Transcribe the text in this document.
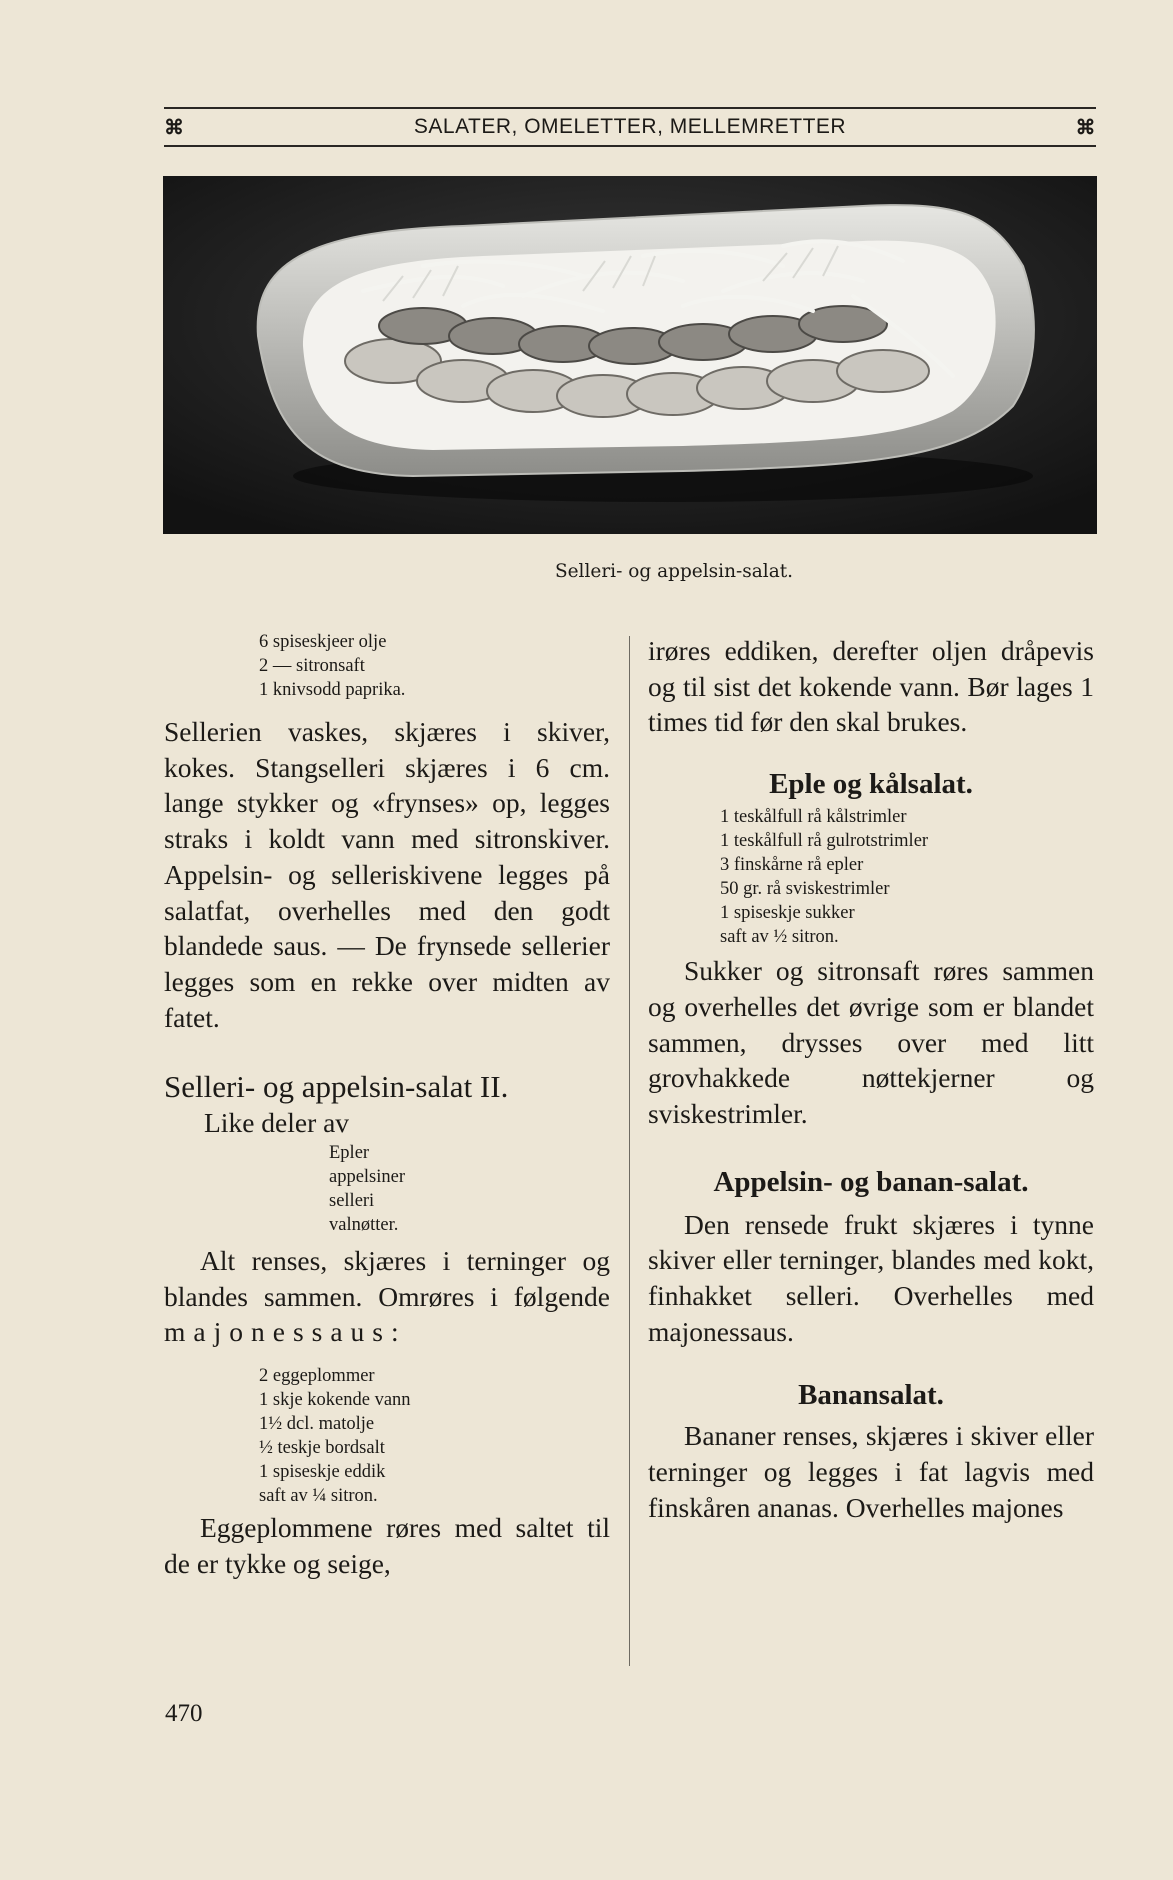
⌘	SALATER, OMELETTER, MELLEMRETTER	⌘
Selleri- og appelsin-salat.
6 spiseskjeer olje
2 — sitronsaft
1 knivsodd paprika.

Sellerien vaskes, skjæres i skiver, kokes. Stangselleri skjæres i 6 cm. lange stykker og «frynses» op, legges straks i koldt vann med sitronskiver. Appelsin- og selleriskivene legges på salatfat, overhelles med den godt blandede saus. — De frynsede sellerier legges som en rekke over midten av fatet.

Selleri- og appelsin-salat II.

Like deler av

Epler
appelsiner
selleri
valnøtter.

Alt renses, skjæres i terninger og blandes sammen. Omrøres i følgende majonessaus:

2 eggeplommer
1 skje kokende vann
1½ dcl. matolje
½ teskje bordsalt
1 spiseskje eddik
saft av ¼ sitron.

Eggeplommene røres med saltet til de er tykke og seige,

irøres eddiken, derefter oljen dråpevis og til sist det kokende vann. Bør lages 1 times tid før den skal brukes.

Eple og kålsalat.

1 teskålfull rå kålstrimler
1 teskålfull rå gulrotstrimler
3 finskårne rå epler
50 gr. rå sviskestrimler
1 spiseskje sukker
saft av ½ sitron.

Sukker og sitronsaft røres sammen og overhelles det øvrige som er blandet sammen, drysses over med litt grovhakkede nøttekjerner og sviskestrimler.

Appelsin- og banan-salat.

Den rensede frukt skjæres i tynne skiver eller terninger, blandes med kokt, finhakket selleri. Overhelles med majonessaus.

Banansalat.

Bananer renses, skjæres i skiver eller terninger og legges i fat lagvis med finskåren ananas. Overhelles majones

470
